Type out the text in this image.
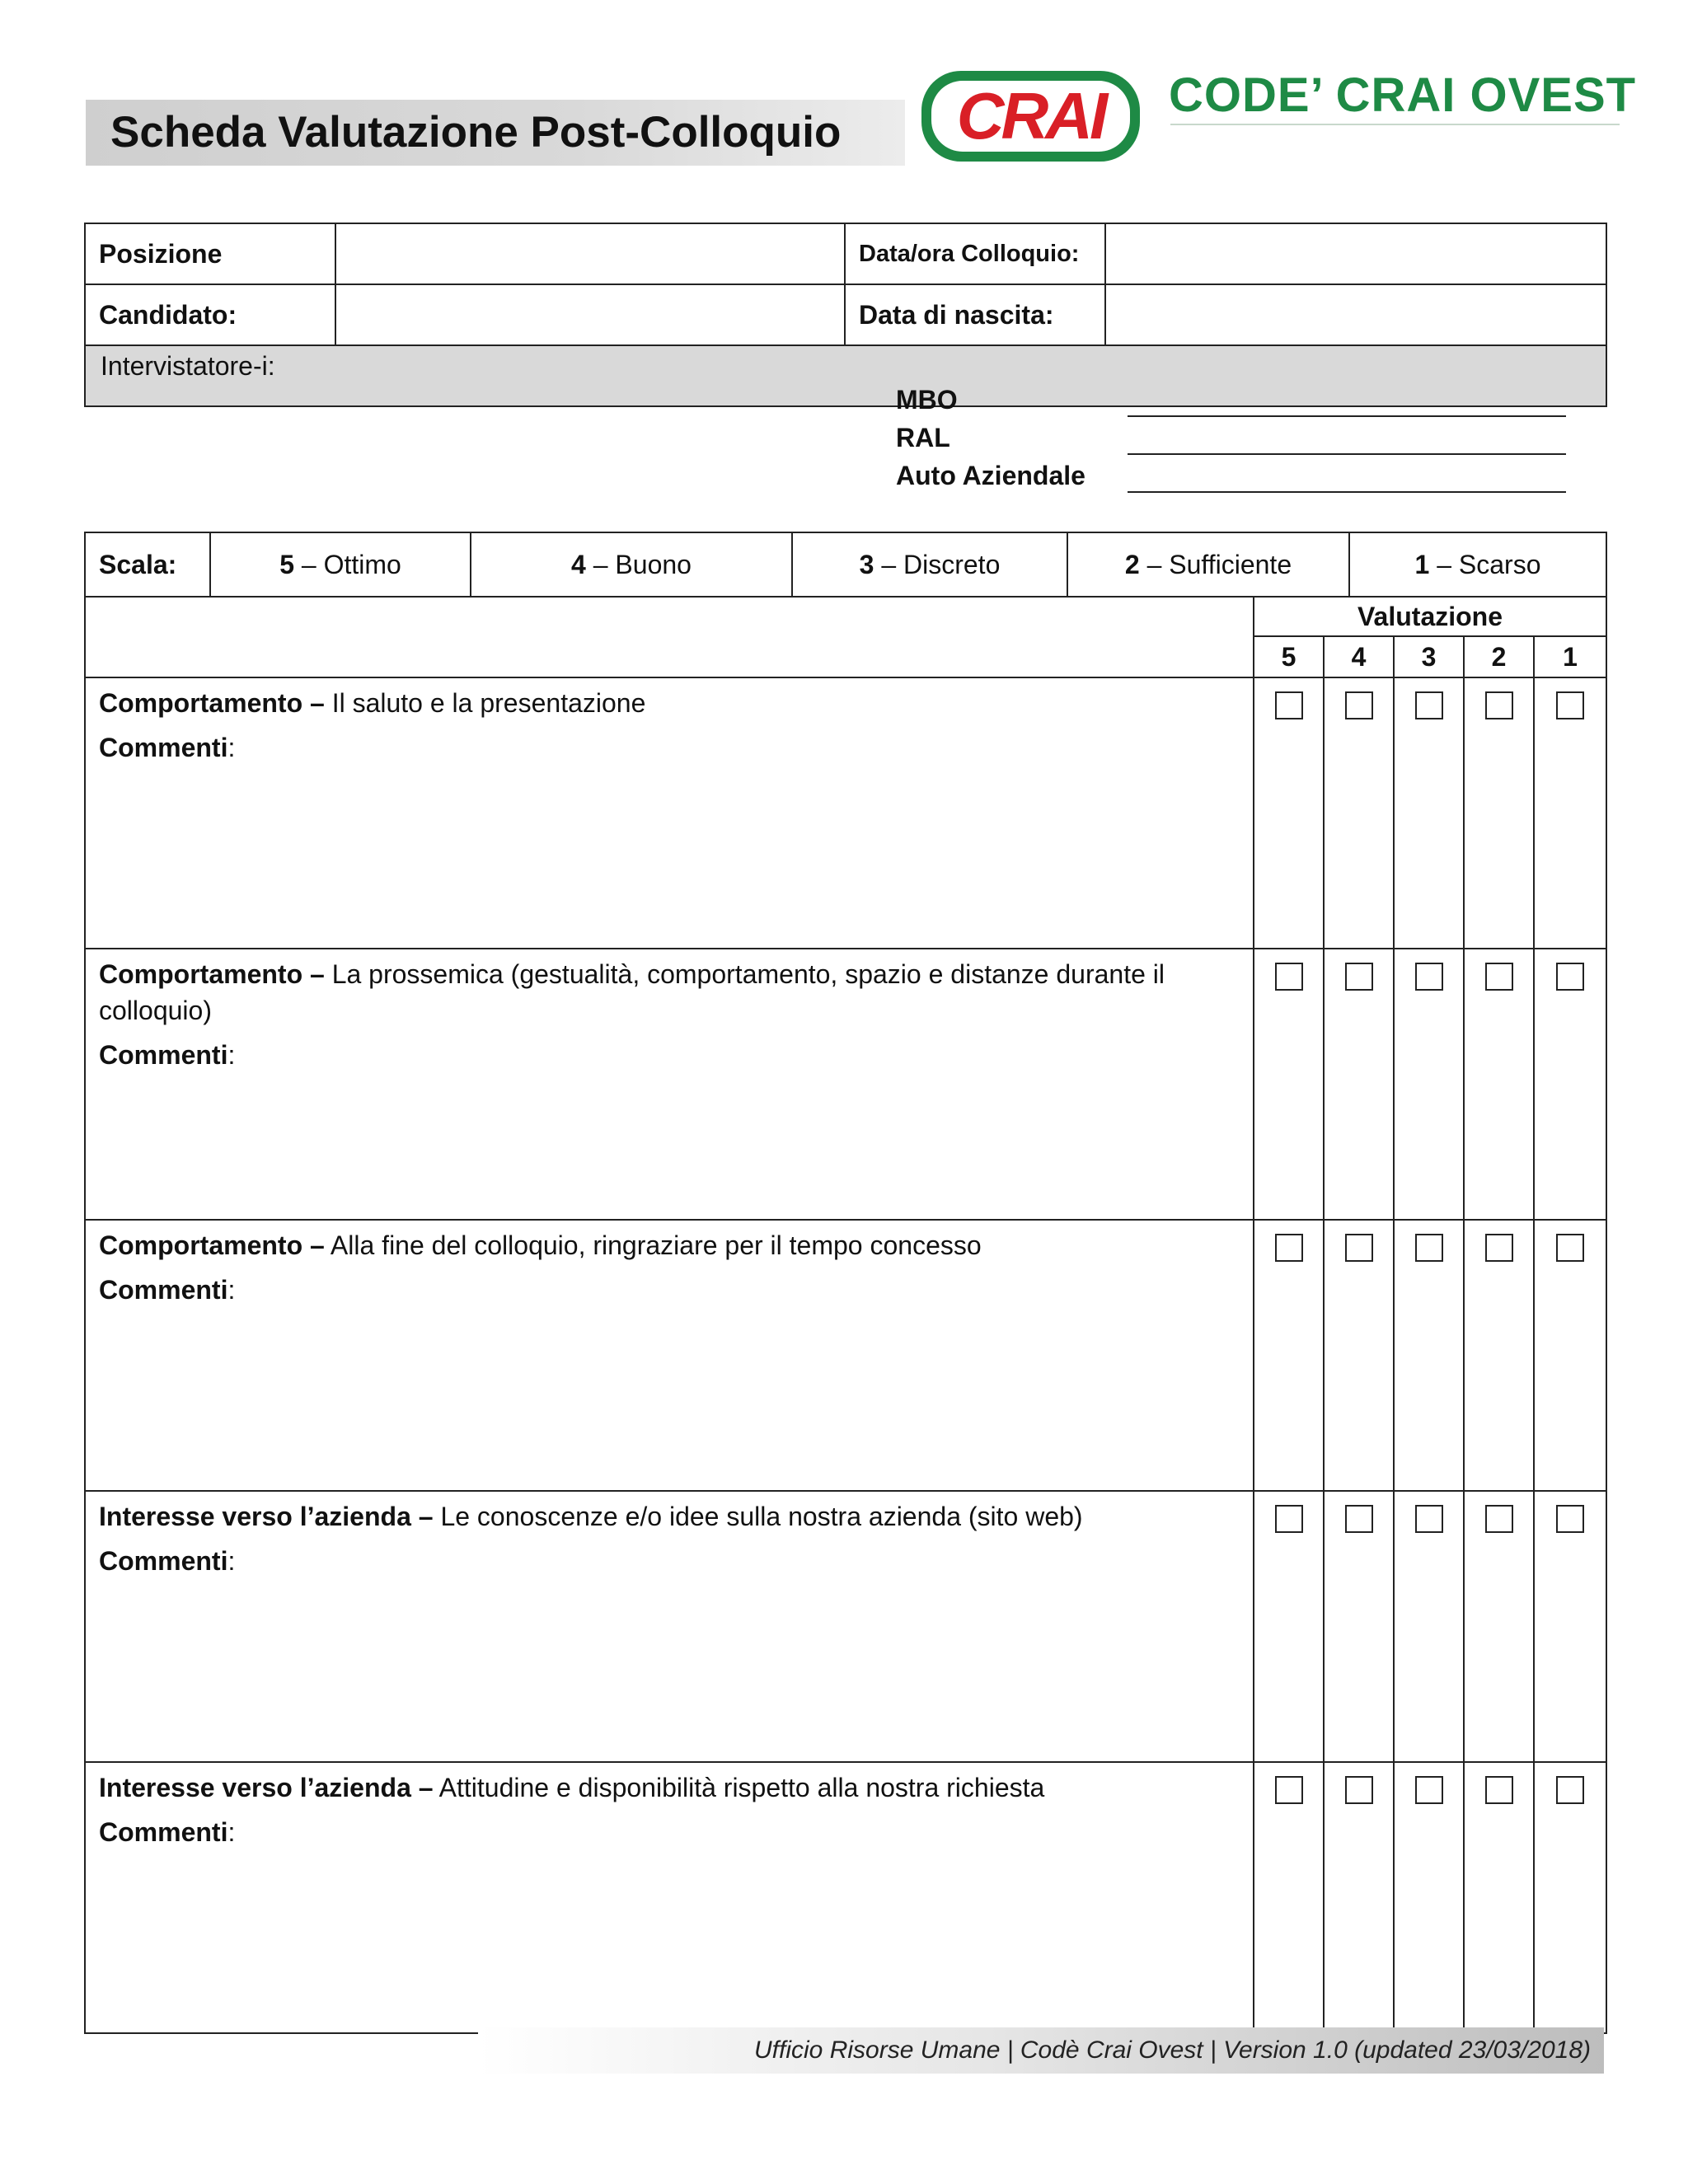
Scheda Valutazione Post-Colloquio	CRAI	CODE’ CRAI OVEST
Posizione		Data/ora Colloquio:	
Candidato:		Data di nascita:	

Intervistatore-i:
MBO
RAL
Auto Aziendale			
Scala:	5 – Ottimo	4 – Buono	3 – Discreto	2 – Sufficiente	1 – Scarso
	Valutazione				
	5	4	3	2	1
Comportamento – Il saluto e la presentazione
Commenti:					

Comportamento – La prossemica (gestualità, comportamento, spazio e distanze durante il colloquio)
Commenti:					

Comportamento – Alla fine del colloquio, ringraziare per il tempo concesso
Commenti:					

Interesse verso l’azienda – Le conoscenze e/o idee sulla nostra azienda (sito web)
Commenti:					

Interesse verso l’azienda – Attitudine e disponibilità rispetto alla nostra richiesta
Commenti:					

Ufficio Risorse Umane | Codè Crai Ovest | Version 1.0 (updated 23/03/2018)
